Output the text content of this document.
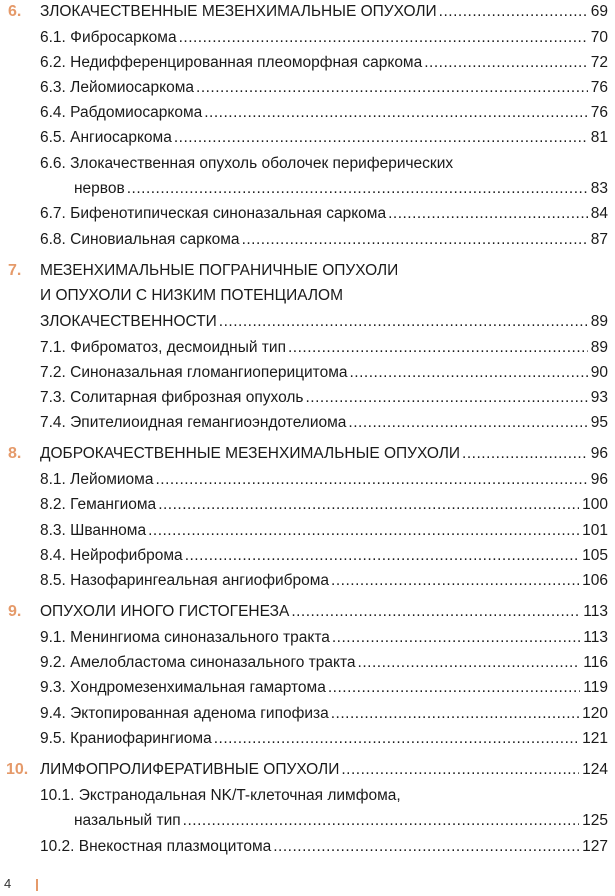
6. ЗЛОКАЧЕСТВЕННЫЕ МЕЗЕНХИМАЛЬНЫЕ ОПУХОЛИ .....	69
6.1. Фибросаркома .....	70
6.2. Недифференцированная плеоморфная саркома .....	72
6.3. Лейомиосаркома .....	76
6.4. Рабдомиосаркома .....	76
6.5. Ангиосаркома .....	81
6.6. Злокачественная опухоль оболочек периферических
нервов .....	83
6.7. Бифенотипическая синоназальная саркома .....	84
6.8. Синовиальная саркома .....	87
7. МЕЗЕНХИМАЛЬНЫЕ ПОГРАНИЧНЫЕ ОПУХОЛИ
И ОПУХОЛИ С НИЗКИМ ПОТЕНЦИАЛОМ
ЗЛОКАЧЕСТВЕННОСТИ .....	89
7.1. Фиброматоз, десмоидный тип .....	89
7.2. Синоназальная гломангиоперицитома .....	90
7.3. Солитарная фиброзная опухоль .....	93
7.4. Эпителиоидная гемангиоэндотелиома .....	95
8. ДОБРОКАЧЕСТВЕННЫЕ МЕЗЕНХИМАЛЬНЫЕ ОПУХОЛИ .....	96
8.1. Лейомиома .....	96
8.2. Гемангиома .....	100
8.3. Шваннома .....	101
8.4. Нейрофиброма .....	105
8.5. Назофарингеальная ангиофиброма .....	106
9. ОПУХОЛИ ИНОГО ГИСТОГЕНЕЗА .....	113
9.1. Менингиома синоназального тракта .....	113
9.2. Амелобластома синоназального тракта .....	116
9.3. Хондромезенхимальная гамартома .....	119
9.4. Эктопированная аденома гипофиза .....	120
9.5. Краниофарингиома .....	121
10. ЛИМФОПРОЛИФЕРАТИВНЫЕ ОПУХОЛИ .....	124
10.1. Экстранодальная NK/T-клеточная лимфома,
назальный тип .....	125
10.2. Внекостная плазмоцитома .....	127
4
